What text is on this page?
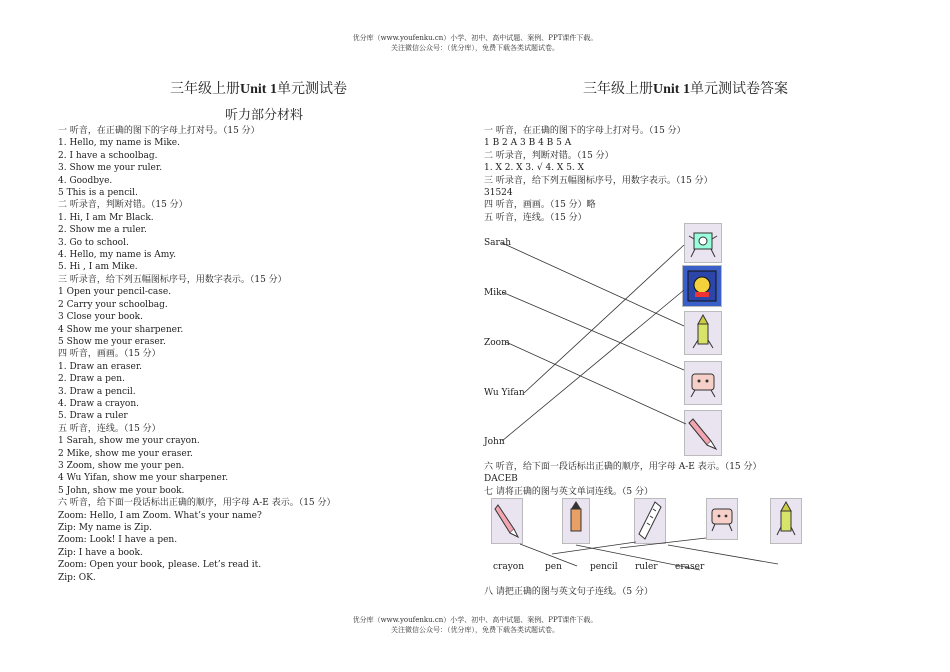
优分库（www.youfenku.cn）小学、初中、高中试题、案例、PPT课件下载。
关注微信公众号：（优分库），免费下载各类试题试卷。
三年级上册Unit 1单元测试卷
听力部分材料
一 听音，在正确的图下的字母上打对号。（15 分）
1. Hello, my name is Mike.
2. I have a schoolbag.
3. Show me your ruler.
4. Goodbye.
5 This is a pencil.
二 听录音，判断对错。（15 分）
1. Hi, I am Mr Black.
2. Show me a ruler.
3. Go to school.
4. Hello, my name is Amy.
5. Hi , I am Mike.
三 听录音，给下列五幅图标序号，用数字表示。（15 分）
1 Open your pencil-case.
2 Carry your schoolbag.
3 Close your book.
4 Show me your sharpener.
5 Show me your eraser.
四 听音，画画。（15 分）
1. Draw an eraser.
2. Draw a pen.
3. Draw a pencil.
4. Draw a crayon.
5. Draw a ruler
五 听音，连线。（15 分）
1 Sarah, show me your crayon.
2 Mike, show me your eraser.
3 Zoom, show me your pen.
4 Wu Yifan, show me your sharpener.
5 John, show me your book.
六 听音，给下面一段话标出正确的顺序，用字母 A-E 表示。（15 分）
Zoom: Hello, I am Zoom. What’s your name?
Zip: My name is Zip.
Zoom: Look! I have a pen.
Zip: I have a book.
Zoom: Open your book, please. Let’s read it.
Zip: OK.
三年级上册Unit 1单元测试卷答案
一 听音，在正确的图下的字母上打对号。（15 分）
1 B 2 A 3 B 4 B 5 A
二 听录音，判断对错。（15 分）
1. X 2. X 3. √ 4. X 5. X
三 听录音，给下列五幅图标序号，用数字表示。（15 分）
31524
四 听音，画画。（15 分）略
五 听音，连线。（15 分）
Sarah
Mike
Zoom
Wu Yifan
John
六 听音，给下面一段话标出正确的顺序，用字母 A-E 表示。（15 分）
DACEB
七 请将正确的图与英文单词连线。（5 分）
crayon pen	pencil ruler eraser
八 请把正确的图与英文句子连线。（5 分）
优分库（www.youfenku.cn）小学、初中、高中试题、案例、PPT课件下载。
关注微信公众号：（优分库），免费下载各类试题试卷。
